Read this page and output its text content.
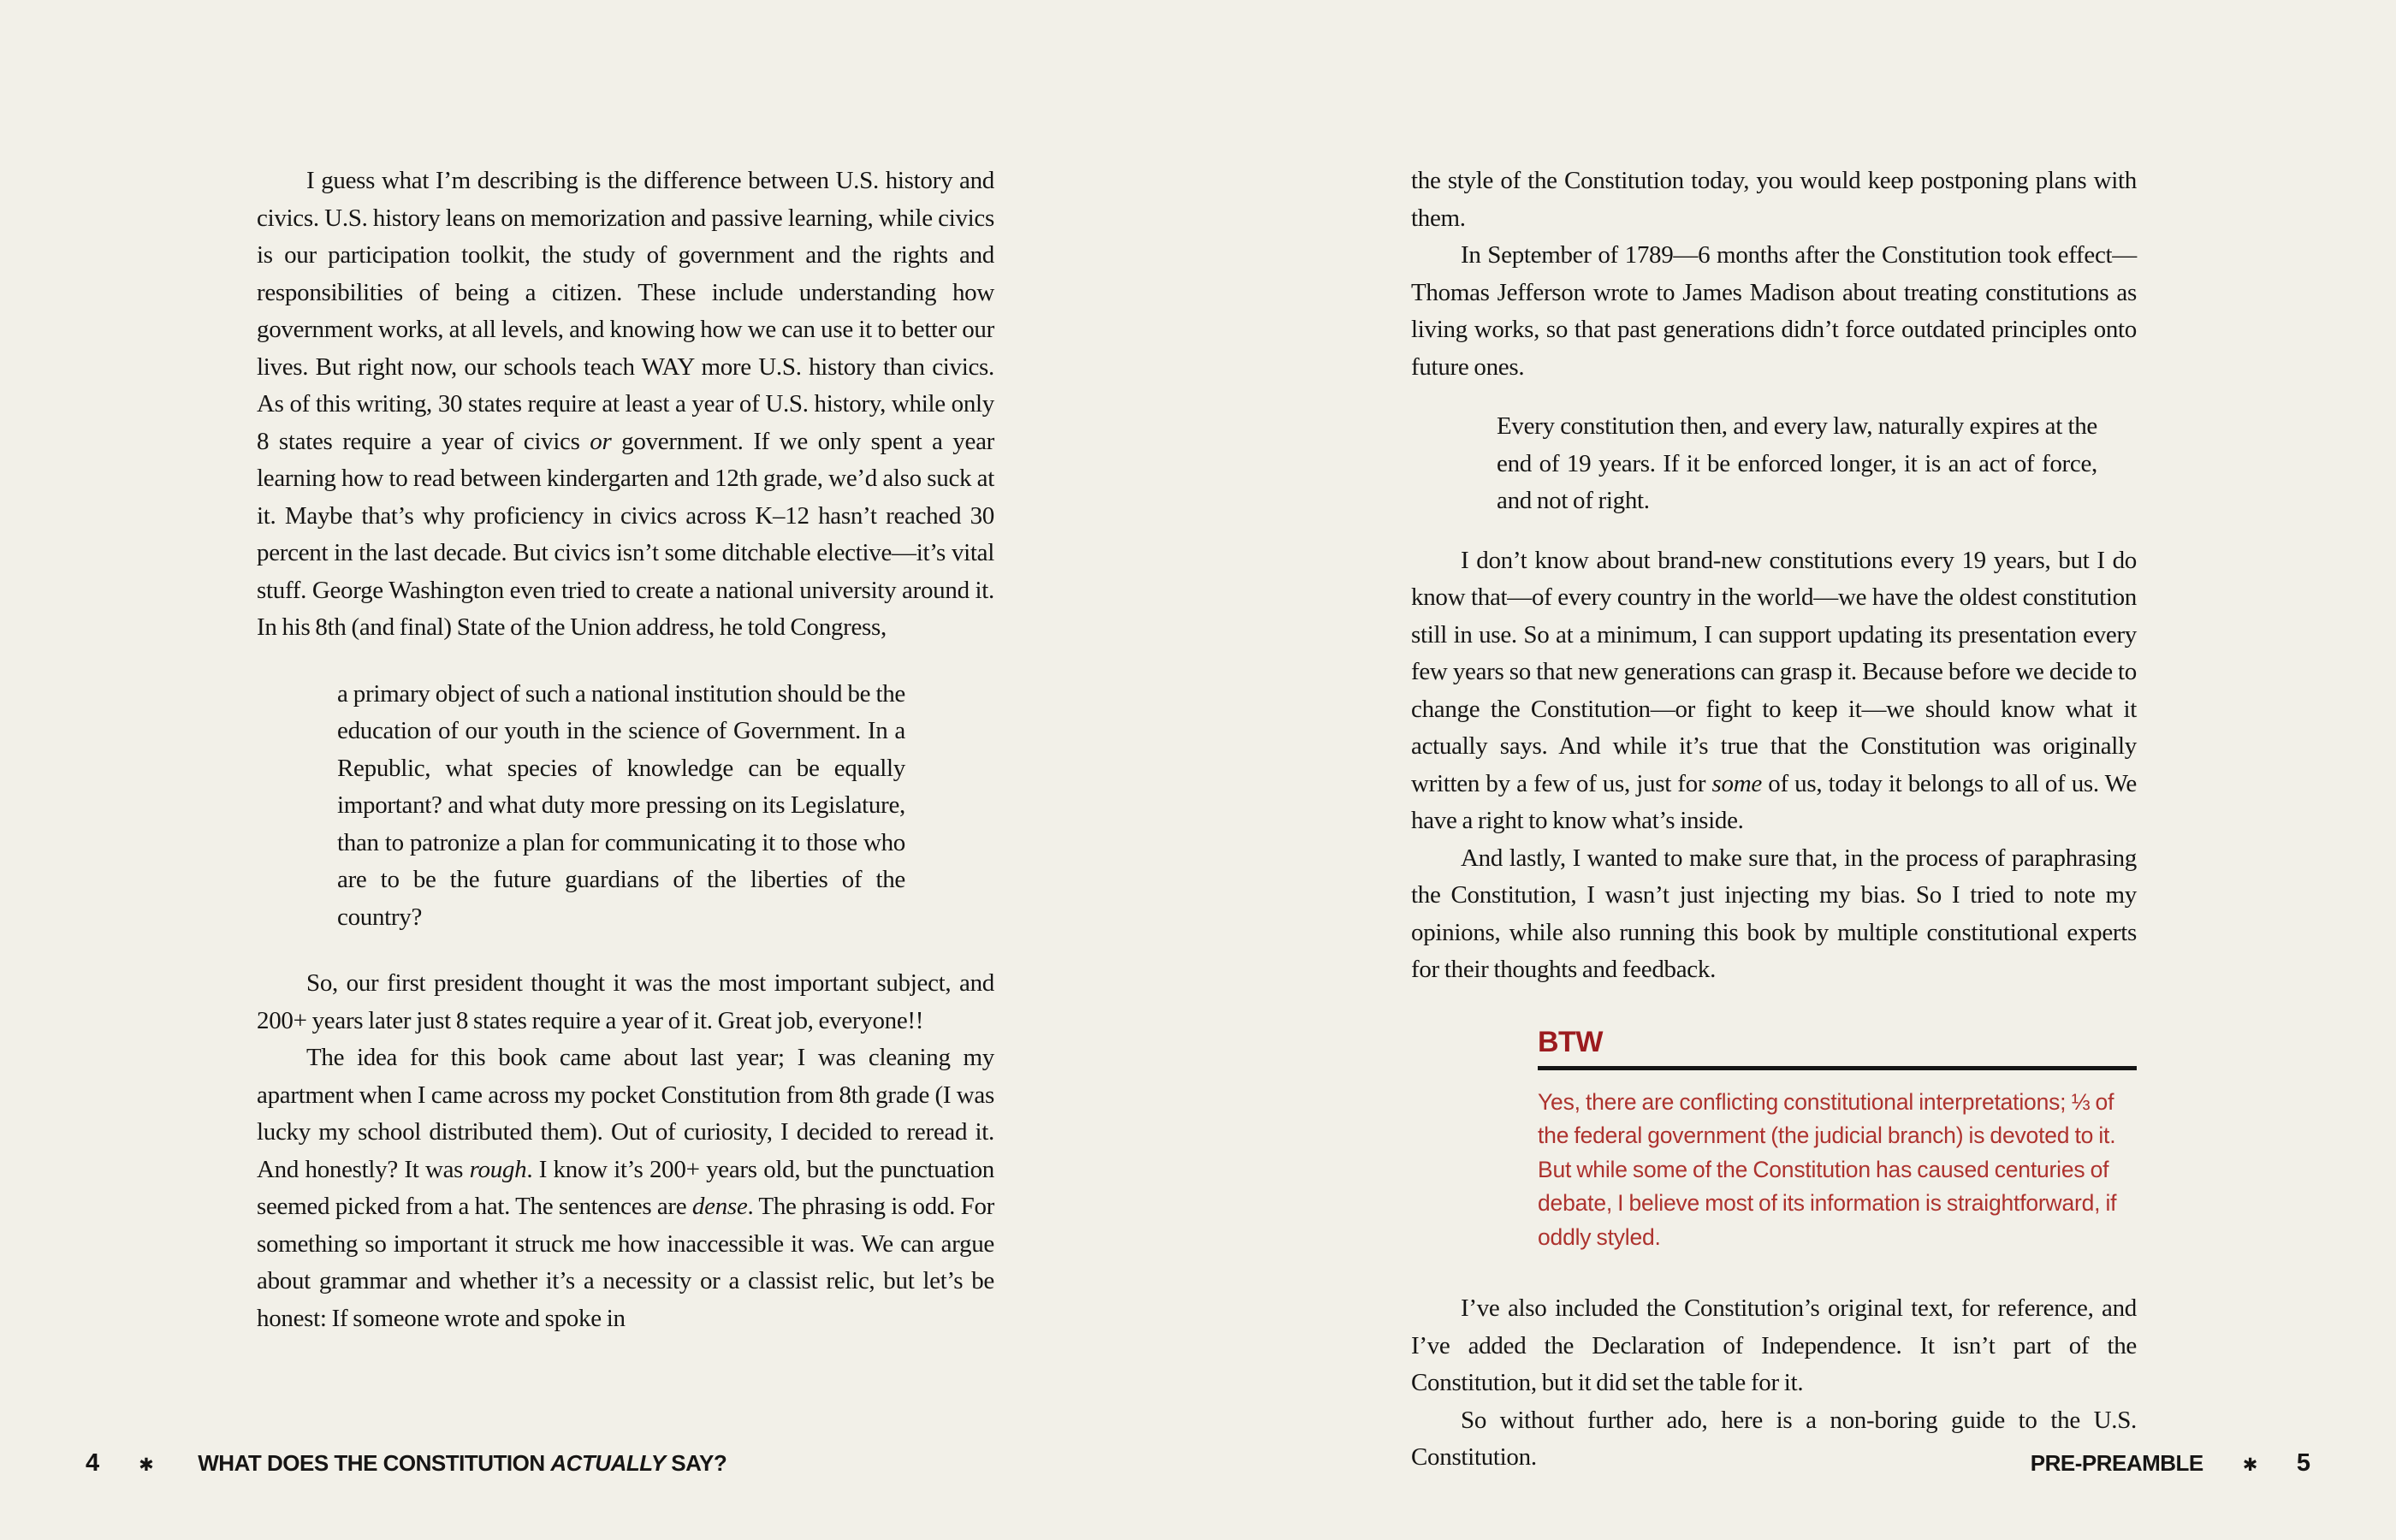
I guess what I’m describing is the difference between U.S. history and civics. U.S. history leans on memorization and passive learning, while civics is our participation toolkit, the study of government and the rights and responsibilities of being a citizen. These include understanding how government works, at all levels, and knowing how we can use it to better our lives. But right now, our schools teach WAY more U.S. history than civics. As of this writing, 30 states require at least a year of U.S. history, while only 8 states require a year of civics or government. If we only spent a year learning how to read between kindergarten and 12th grade, we’d also suck at it. Maybe that’s why proficiency in civics across K–12 hasn’t reached 30 percent in the last decade. But civics isn’t some ditchable elective—it’s vital stuff. George Washington even tried to create a national university around it. In his 8th (and final) State of the Union address, he told Congress,

a primary object of such a national institution should be the education of our youth in the science of Government. In a Republic, what species of knowledge can be equally important? and what duty more pressing on its Legislature, than to patronize a plan for communicating it to those who are to be the future guardians of the liberties of the country?

So, our first president thought it was the most important subject, and 200+ years later just 8 states require a year of it. Great job, everyone!!

The idea for this book came about last year; I was cleaning my apartment when I came across my pocket Constitution from 8th grade (I was lucky my school distributed them). Out of curiosity, I decided to reread it. And honestly? It was rough. I know it’s 200+ years old, but the punctuation seemed picked from a hat. The sentences are dense. The phrasing is odd. For something so important it struck me how inaccessible it was. We can argue about grammar and whether it’s a necessity or a classist relic, but let’s be honest: If someone wrote and spoke in

the style of the Constitution today, you would keep postponing plans with them.

In September of 1789—6 months after the Constitution took effect—Thomas Jefferson wrote to James Madison about treating constitutions as living works, so that past generations didn’t force outdated principles onto future ones.

Every constitution then, and every law, naturally expires at the end of 19 years. If it be enforced longer, it is an act of force, and not of right.

I don’t know about brand-new constitutions every 19 years, but I do know that—of every country in the world—we have the oldest constitution still in use. So at a minimum, I can support updating its presentation every few years so that new generations can grasp it. Because before we decide to change the Constitution—or fight to keep it—we should know what it actually says. And while it’s true that the Constitution was originally written by a few of us, just for some of us, today it belongs to all of us. We have a right to know what’s inside.

And lastly, I wanted to make sure that, in the process of paraphrasing the Constitution, I wasn’t just injecting my bias. So I tried to note my opinions, while also running this book by multiple constitutional experts for their thoughts and feedback.

BTW
Yes, there are conflicting constitutional interpretations; ⅓ of the federal government (the judicial branch) is devoted to it. But while some of the Constitution has caused centuries of debate, I believe most of its information is straightforward, if oddly styled.

I’ve also included the Constitution’s original text, for reference, and I’ve added the Declaration of Independence. It isn’t part of the Constitution, but it did set the table for it.

So without further ado, here is a non-boring guide to the U.S. Constitution.

4 ✱ WHAT DOES THE CONSTITUTION ACTUALLY SAY?	PRE-PREAMBLE ✱ 5
